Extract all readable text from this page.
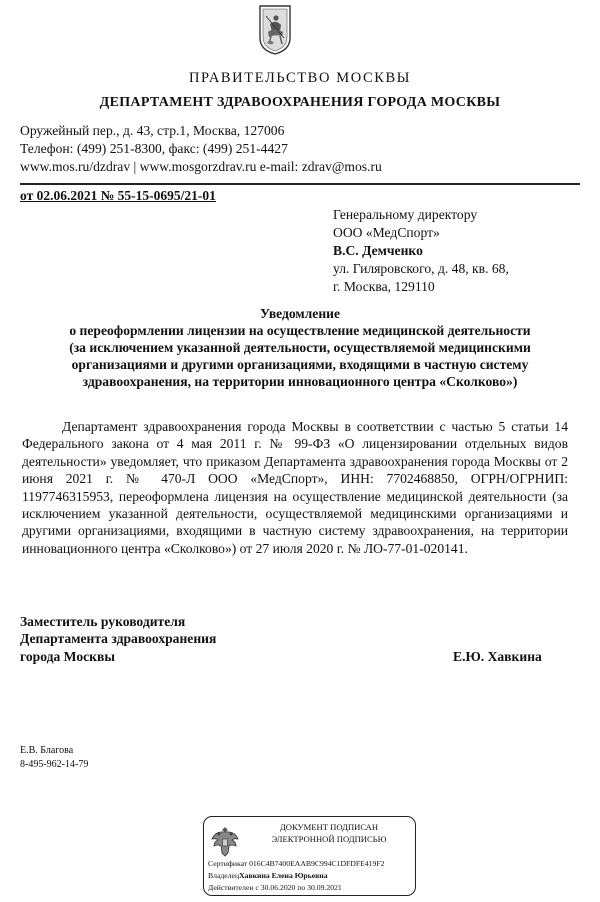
ПРАВИТЕЛЬСТВО МОСКВЫ
ДЕПАРТАМЕНТ ЗДРАВООХРАНЕНИЯ ГОРОДА МОСКВЫ
Оружейный пер., д. 43, стр.1, Москва, 127006
Телефон: (499) 251-8300, факс: (499) 251-4427
www.mos.ru/dzdrav | www.mosgorzdrav.ru e-mail: zdrav@mos.ru
от 02.06.2021 № 55-15-0695/21-01
Генеральному директору
ООО «МедСпорт»
В.С. Демченко
ул. Гиляровского, д. 48, кв. 68,
г. Москва, 129110
Уведомление
о переоформлении лицензии на осуществление медицинской деятельности
(за исключением указанной деятельности, осуществляемой медицинскими
организациями и другими организациями, входящими в частную систему
здравоохранения, на территории инновационного центра «Сколково»)
Департамент здравоохранения города Москвы в соответствии с частью 5 статьи 14 Федерального закона от 4 мая 2011 г. № 99-ФЗ «О лицензировании отдельных видов деятельности» уведомляет, что приказом Департамента здравоохранения города Москвы от 2 июня 2021 г. № 470-Л ООО «МедСпорт», ИНН: 7702468850, ОГРН/ОГРНИП: 1197746315953, переоформлена лицензия на осуществление медицинской деятельности (за исключением указанной деятельности, осуществляемой медицинскими организациями и другими организациями, входящими в частную систему здравоохранения, на территории инновационного центра «Сколково») от 27 июля 2020 г. № ЛО-77-01-020141.
Заместитель руководителя
Департамента здравоохранения
города Москвы	Е.Ю. Хавкина
Е.В. Благова
8-495-962-14-79
ДОКУМЕНТ ПОДПИСАН
ЭЛЕКТРОННОЙ ПОДПИСЬЮ
Сертификат 016C4B7400EAAB9C994C1DFDFE419F2
ВладелецХавкина Елена Юрьевна
Действителен с 30.06.2020 по 30.09.2021
